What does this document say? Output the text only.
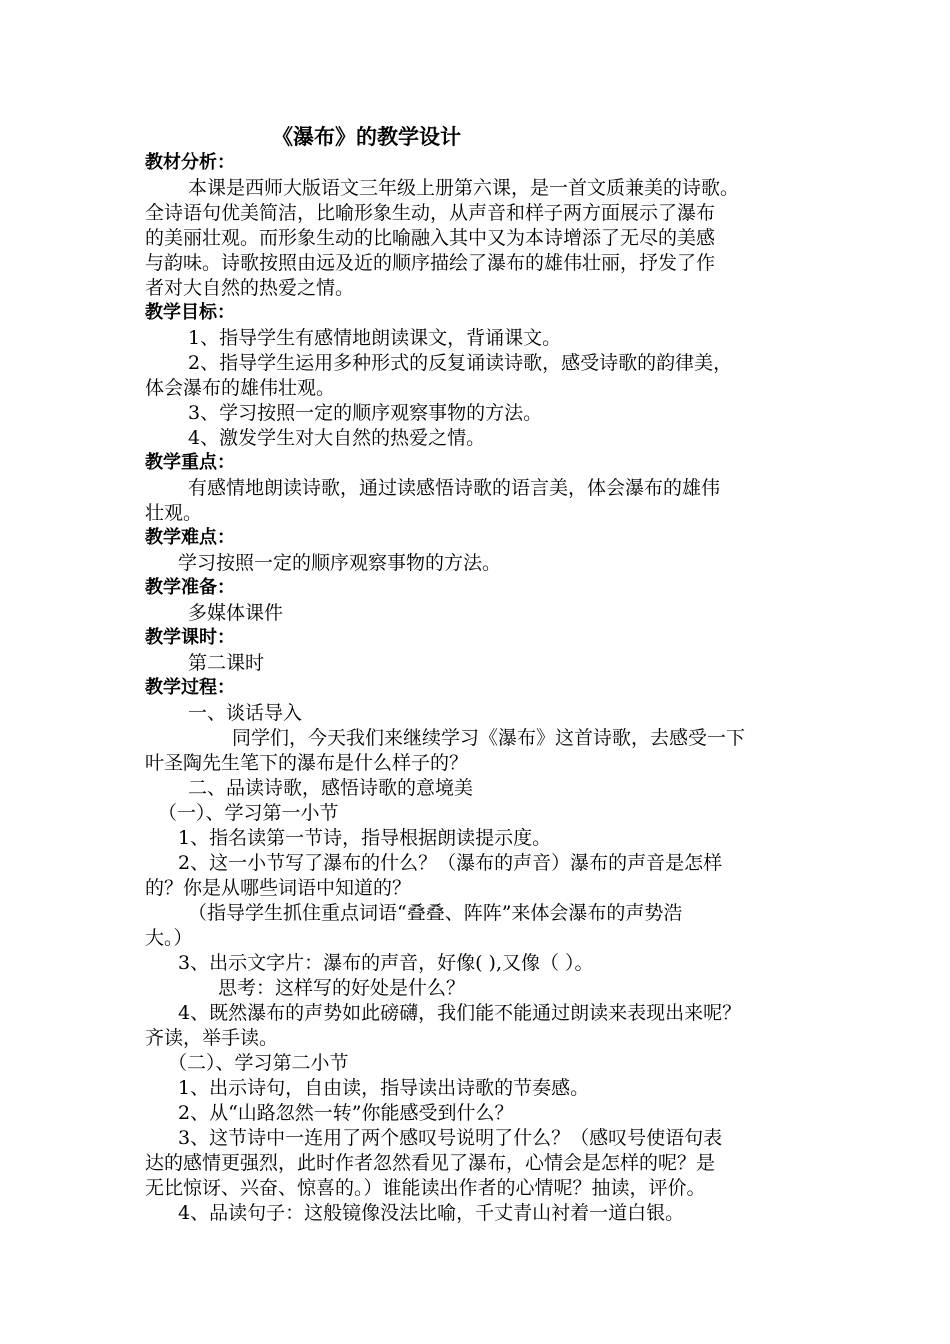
《瀑布》的教学设计
教材分析：
本课是西师大版语文三年级上册第六课，是一首文质兼美的诗歌。
全诗语句优美简洁，比喻形象生动，从声音和样子两方面展示了瀑布
的美丽壮观。而形象生动的比喻融入其中又为本诗增添了无尽的美感
与韵味。诗歌按照由远及近的顺序描绘了瀑布的雄伟壮丽，抒发了作
者对大自然的热爱之情。
教学目标：
1、指导学生有感情地朗读课文，背诵课文。
2、指导学生运用多种形式的反复诵读诗歌，感受诗歌的韵律美，
体会瀑布的雄伟壮观。
3、学习按照一定的顺序观察事物的方法。
4、激发学生对大自然的热爱之情。
教学重点：
有感情地朗读诗歌，通过读感悟诗歌的语言美，体会瀑布的雄伟
壮观。
教学难点：
学习按照一定的顺序观察事物的方法。
教学准备：
多媒体课件
教学课时：
第二课时
教学过程：
一、谈话导入
同学们，今天我们来继续学习《瀑布》这首诗歌，去感受一下
叶圣陶先生笔下的瀑布是什么样子的？
二、品读诗歌，感悟诗歌的意境美
（一）、学习第一小节
1、指名读第一节诗，指导根据朗读提示度。
2、这一小节写了瀑布的什么？（瀑布的声音）瀑布的声音是怎样
的？你是从哪些词语中知道的？
（指导学生抓住重点词语“叠叠、阵阵”来体会瀑布的声势浩
大。）
3、出示文字片：瀑布的声音，好像( ),又像（ ）。
思考：这样写的好处是什么？
4、既然瀑布的声势如此磅礴，我们能不能通过朗读来表现出来呢？
齐读，举手读。
（二）、学习第二小节
1、出示诗句，自由读，指导读出诗歌的节奏感。
2、从“山路忽然一转”你能感受到什么？
3、这节诗中一连用了两个感叹号说明了什么？（感叹号使语句表
达的感情更强烈，此时作者忽然看见了瀑布，心情会是怎样的呢？是
无比惊讶、兴奋、惊喜的。）谁能读出作者的心情呢？抽读，评价。
4、品读句子：这般镜像没法比喻，千丈青山衬着一道白银。
